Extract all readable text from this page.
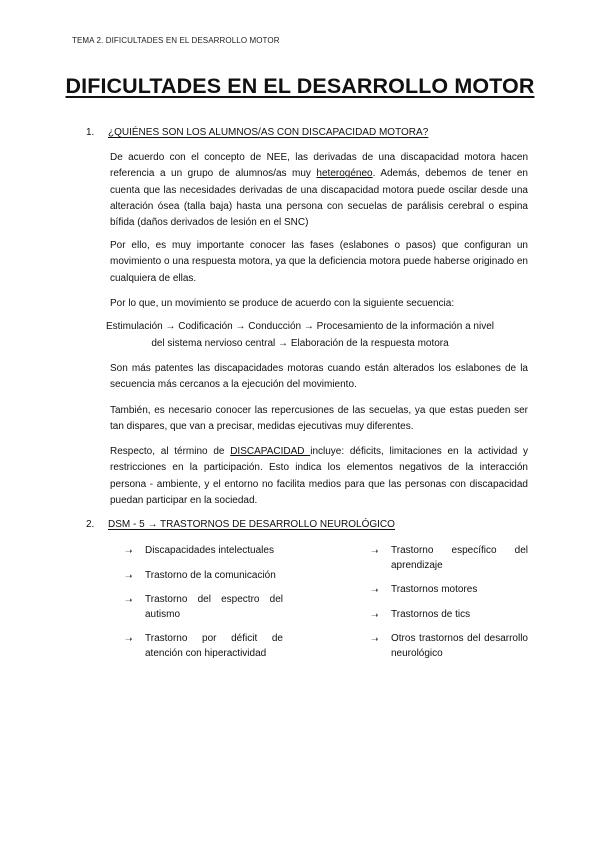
TEMA 2. DIFICULTADES EN EL DESARROLLO MOTOR
DIFICULTADES EN EL DESARROLLO MOTOR
1. ¿QUIÉNES SON LOS ALUMNOS/AS CON DISCAPACIDAD MOTORA?

De acuerdo con el concepto de NEE, las derivadas de una discapacidad motora hacen referencia a un grupo de alumnos/as muy heterogéneo. Además, debemos de tener en cuenta que las necesidades derivadas de una discapacidad motora puede oscilar desde una alteración ósea (talla baja) hasta una persona con secuelas de parálisis cerebral o espina bífida (daños derivados de lesión en el SNC)

Por ello, es muy importante conocer las fases (eslabones o pasos) que configuran un movimiento o una respuesta motora, ya que la deficiencia motora puede haberse originado en cualquiera de ellas.

Por lo que, un movimiento se produce de acuerdo con la siguiente secuencia:

Estimulación → Codificación → Conducción → Procesamiento de la información a nivel

del sistema nervioso central → Elaboración de la respuesta motora

Son más patentes las discapacidades motoras cuando están alterados los eslabones de la secuencia más cercanos a la ejecución del movimiento.

También, es necesario conocer las repercusiones de las secuelas, ya que estas pueden ser tan dispares, que van a precisar, medidas ejecutivas muy diferentes.

Respecto, al término de DISCAPACIDAD incluye: déficits, limitaciones en la actividad y restricciones en la participación. Esto indica los elementos negativos de la interacción persona - ambiente, y el entorno no facilita medios para que las personas con discapacidad puedan participar en la sociedad.

2. DSM - 5 → TRASTORNOS DE DESARROLLO NEUROLÓGICO
➝ Discapacidades intelectuales
➝ Trastorno de la comunicación
➝ Trastorno del espectro del autismo
➝ Trastorno por déficit de atención con hiperactividad
➝ Trastorno específico del aprendizaje
➝ Trastornos motores
➝ Trastornos de tics
➝ Otros trastornos del desarrollo neurológico
